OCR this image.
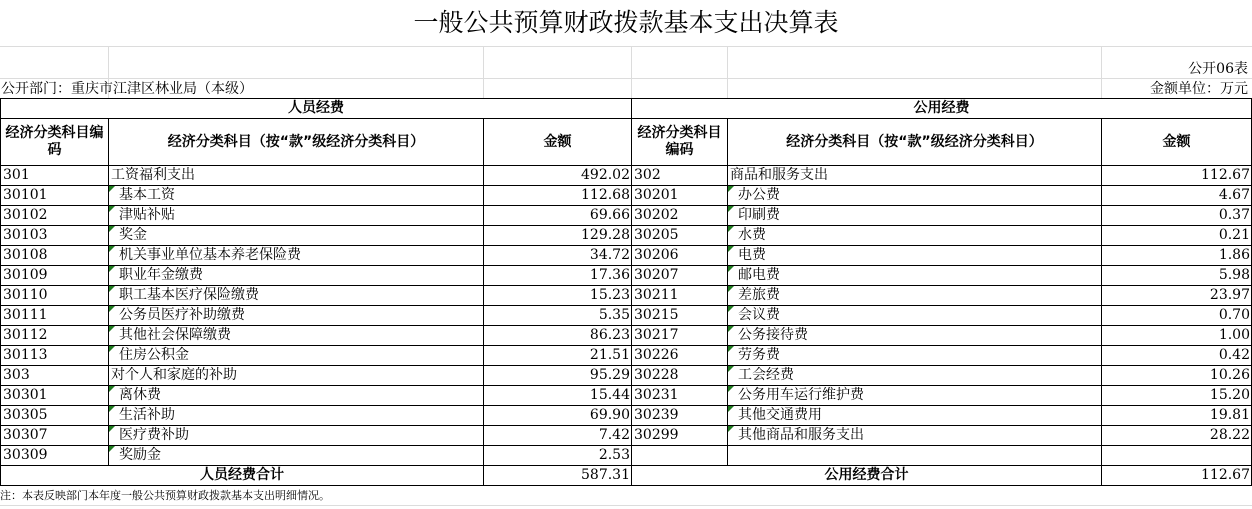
一般公共预算财政拨款基本支出决算表
公开06表
公开部门：重庆市江津区林业局（本级）	金额单位：万元
人员经费			公用经费		
经济分类科目编码	经济分类科目（按“款”级经济分类科目）	金额	经济分类科目编码	经济分类科目（按“款”级经济分类科目）	金额
301	工资福利支出	492.02	302	商品和服务支出	112.67
30101	基本工资	112.68	30201	办公费	4.67
30102	津贴补贴	69.66	30202	印刷费	0.37
30103	奖金	129.28	30205	水费	0.21
30108	机关事业单位基本养老保险费	34.72	30206	电费	1.86
30109	职业年金缴费	17.36	30207	邮电费	5.98
30110	职工基本医疗保险缴费	15.23	30211	差旅费	23.97
30111	公务员医疗补助缴费	5.35	30215	会议费	0.70
30112	其他社会保障缴费	86.23	30217	公务接待费	1.00
30113	住房公积金	21.51	30226	劳务费	0.42
303	对个人和家庭的补助	95.29	30228	工会经费	10.26
30301	离休费	15.44	30231	公务用车运行维护费	15.20
30305	生活补助	69.90	30239	其他交通费用	19.81
30307	医疗费补助	7.42	30299	其他商品和服务支出	28.22
30309	奖励金	2.53			
人员经费合计		587.31	公用经费合计		112.67
注：本表反映部门本年度一般公共预算财政拨款基本支出明细情况。
